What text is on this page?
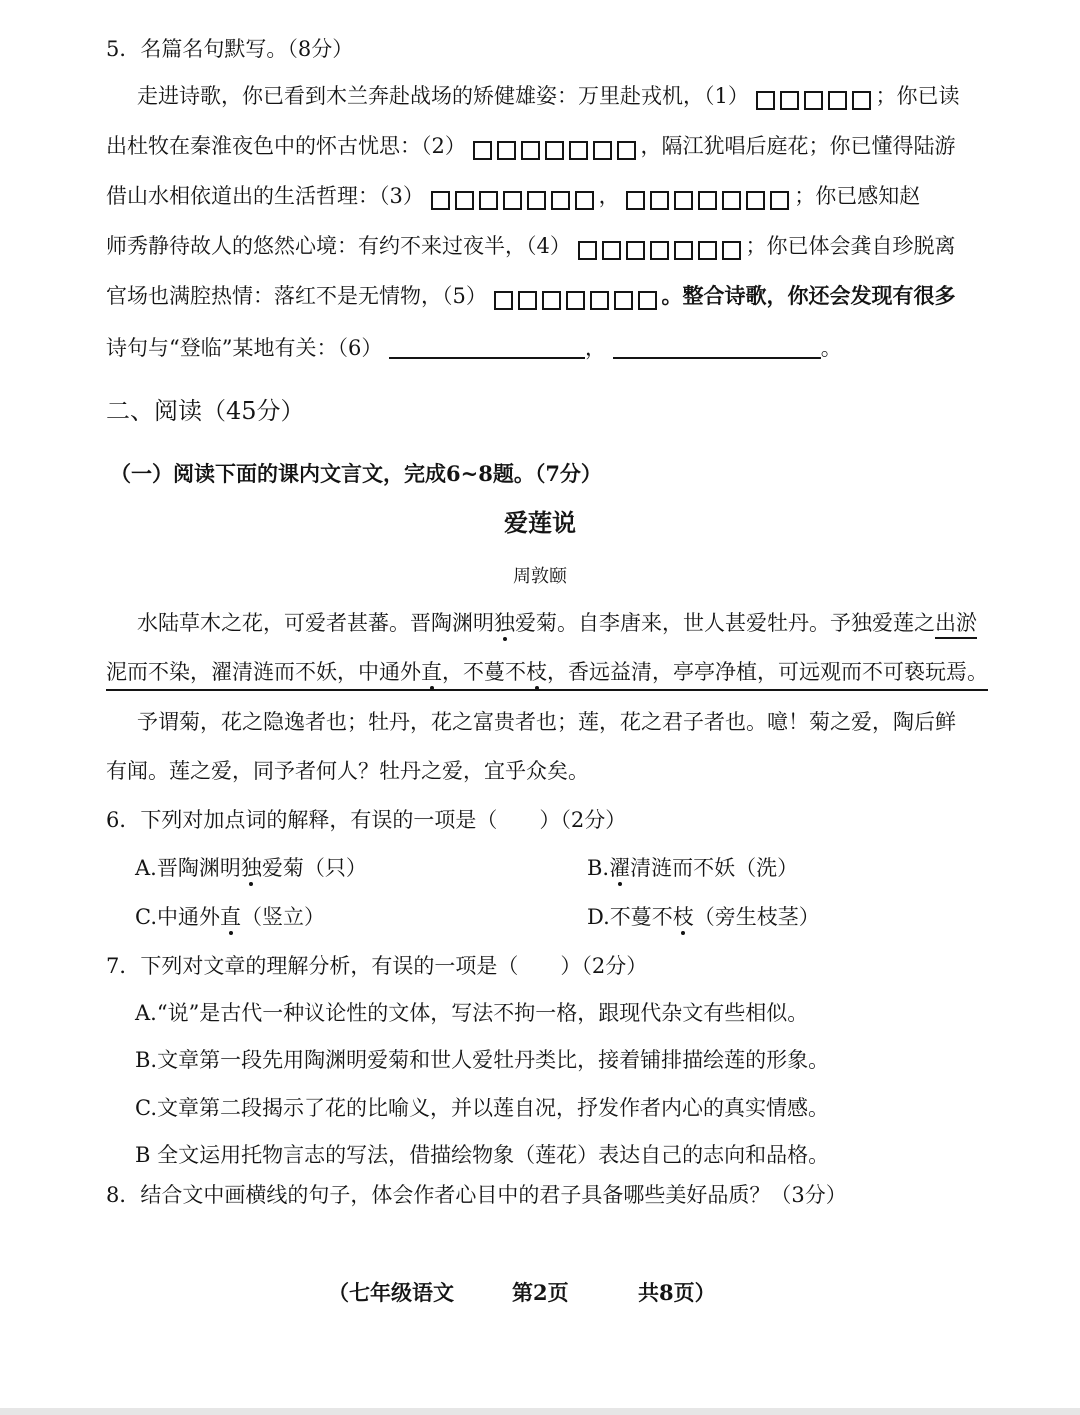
5．名篇名句默写。（8分）
走进诗歌，你已看到木兰奔赴战场的矫健雄姿：万里赴戎机，（1）	；你已读
出杜牧在秦淮夜色中的怀古忧思：（2）	，隔江犹唱后庭花；你已懂得陆游
借山水相依道出的生活哲理：（3）	，	；你已感知赵
师秀静待故人的悠然心境：有约不来过夜半，（4）	；你已体会龚自珍脱离
官场也满腔热情：落红不是无情物，（5）	。整合诗歌，你还会发现有很多
诗句与“登临”某地有关：（6）	，	。
二、阅读（45分）
（一）阅读下面的课内文言文，完成6~8题。（7分）
爱莲说
周敦颐
水陆草木之花，可爱者甚蕃。晋陶渊明独爱菊。自李唐来，世人甚爱牡丹。予独爱莲之出淤
泥而不染，濯清涟而不妖，中通外直，不蔓不枝，香远益清，亭亭净植，可远观而不可亵玩焉。
予谓菊，花之隐逸者也；牡丹，花之富贵者也；莲，花之君子者也。噫！菊之爱，陶后鲜
有闻。莲之爱，同予者何人？牡丹之爱，宜乎众矣。
6．下列对加点词的解释，有误的一项是（　　）（2分）
A.晋陶渊明独爱菊（只）	B.濯清涟而不妖（洗）
C.中通外直（竖立）	D.不蔓不枝（旁生枝茎）
7．下列对文章的理解分析，有误的一项是（　　）（2分）
A.“说”是古代一种议论性的文体，写法不拘一格，跟现代杂文有些相似。
B.文章第一段先用陶渊明爱菊和世人爱牡丹类比，接着铺排描绘莲的形象。
C.文章第二段揭示了花的比喻义，并以莲自况，抒发作者内心的真实情感。
B 全文运用托物言志的写法，借描绘物象（莲花）表达自己的志向和品格。
8．结合文中画横线的句子，体会作者心目中的君子具备哪些美好品质？（3分）
（七年级语文	第2页	共8页）
